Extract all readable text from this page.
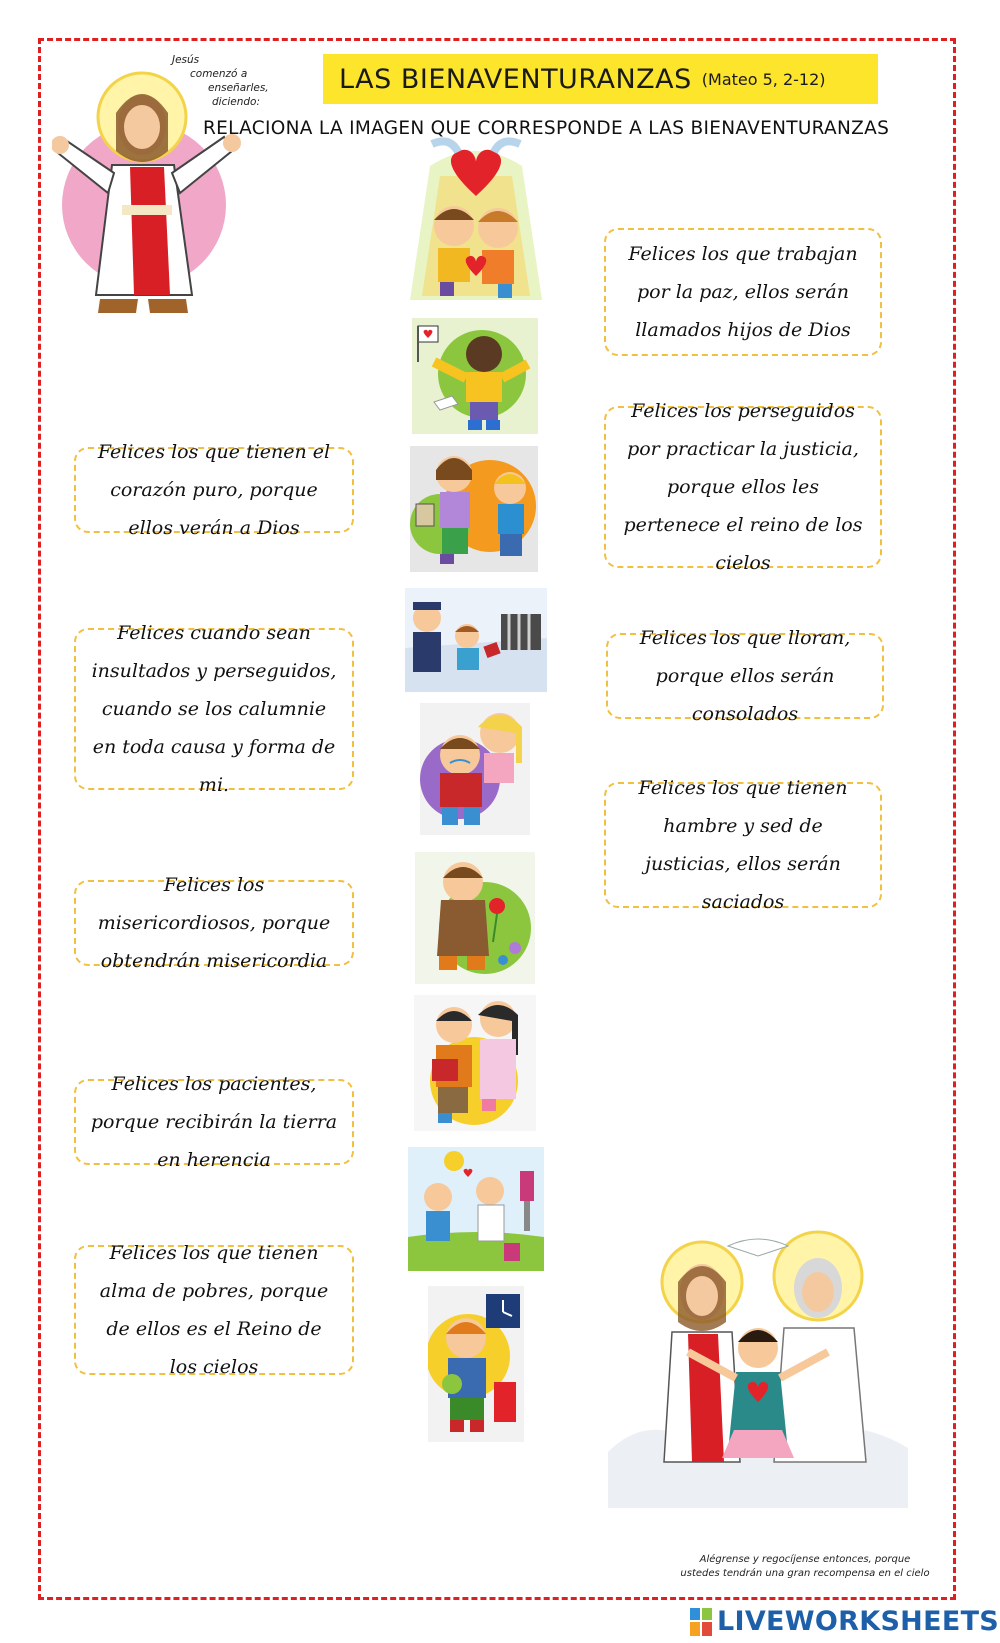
Jesús
comenzó a
enseñarles,
diciendo:
LAS BIENAVENTURANZAS (Mateo 5, 2-12)
RELACIONA LA IMAGEN QUE CORRESPONDE A LAS BIENAVENTURANZAS
Felices los que trabajan por la paz, ellos serán llamados hijos de Dios
Felices los perseguidos por practicar la justicia, porque ellos les pertenece el reino de los cielos
Felices los que lloran, porque ellos serán consolados
Felices los que tienen hambre y sed de justicias, ellos serán saciados
Felices los que tienen el corazón puro, porque ellos verán a Dios
Felices cuando sean insultados y perseguidos, cuando se los calumnie en toda causa y forma de mi.
Felices los misericordiosos, porque obtendrán misericordia
Felices los pacientes, porque recibirán la tierra en herencia
Felices los que tienen alma de pobres, porque de ellos es el Reino de los cielos
Alégrense y regocíjense entonces, porque
ustedes tendrán una gran recompensa en el cielo
LIVEWORKSHEETS
